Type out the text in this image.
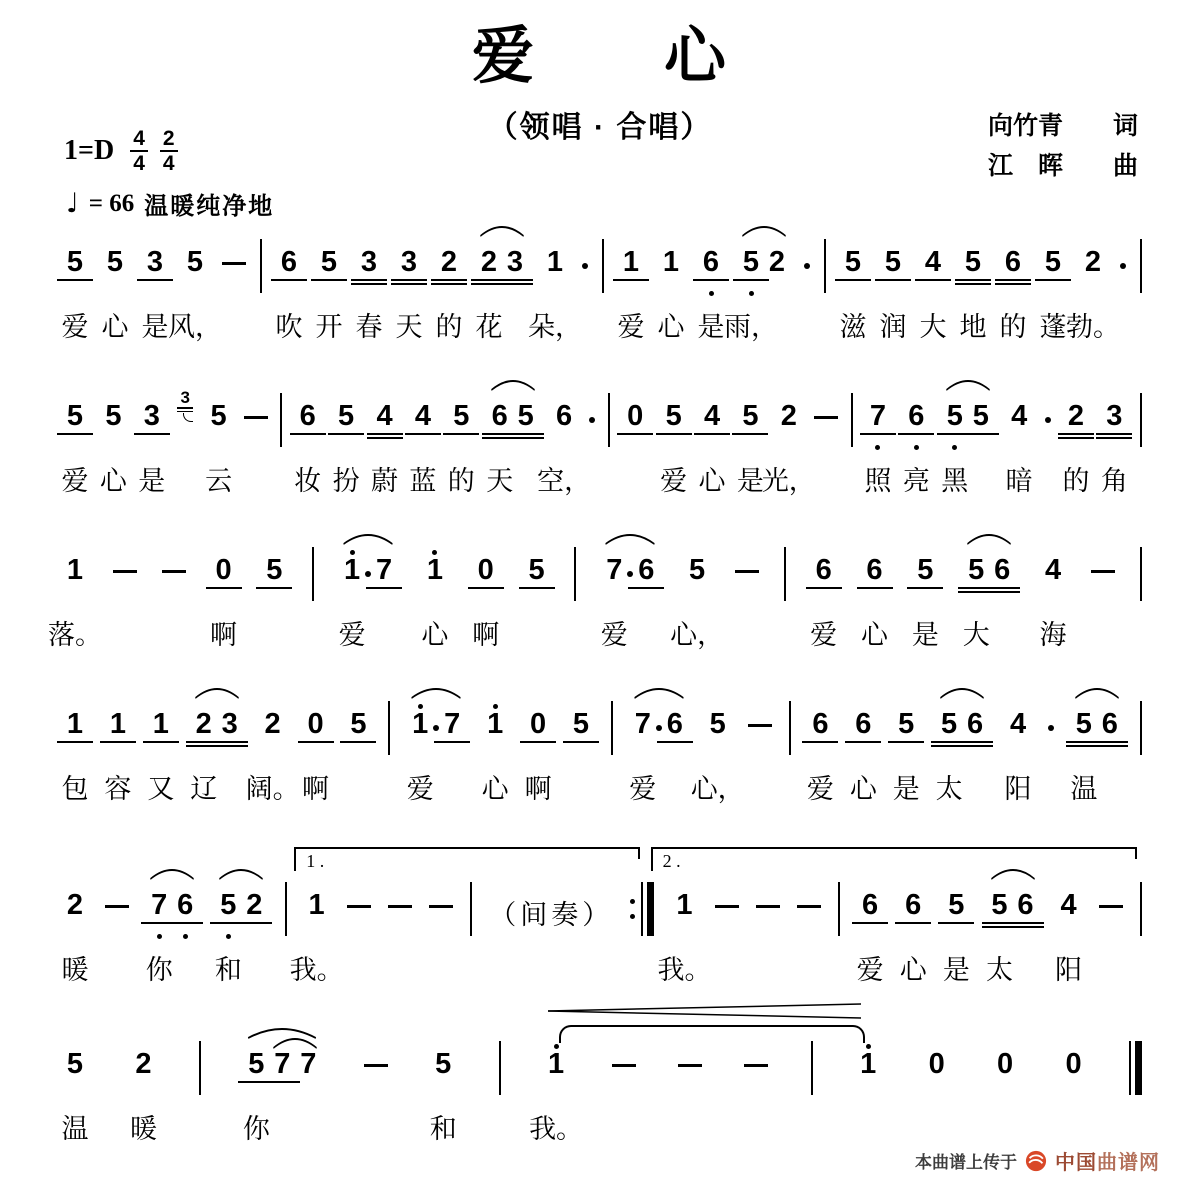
爱　　心
（领唱 · 合唱）	向竹青 词
江　晖 曲
$1=D \frac{4}{4} \frac{2}{4}$
♩ = 66 温暖纯净地
5
爱
5
心
3
是
5
风，
6
吹
5
开
3
春
3
天
2
的
2
花
3 1
朵，
1
爱
1
心
6
是
5
雨，
2 5
滋
5
润
4
大
5
地
6
的
5
蓬
2
勃。
5
爱
5
心
3
是
3
5
云
6
妆
5
扮
4
蔚
4
蓝
5
的
6
天
5 6
空，
0 5
爱
4
心
5
是
2
光，
7
照
6
亮
5
黑
5 4
暗
2
的
3
角
1
落。
0
啊
5 1
爱
7 1
心
0
啊
5 7
爱
6 5
心，
6
爱
6
心
5
是
5
大
6 4
海
1
包
1
容
1
又
2
辽
3 2
阔。
0
啊
5 1
爱
7 1
心
0
啊
5 7
爱
6 5
心，
6
爱
6
心
5
是
5
太
6 4
阳
5
温
6
1 .	2 .
2
暖
7
你
6 5
和
2 1
我。
（间奏） 1
我。
6
爱
6
心
5
是
5
太
6 4
阳
5
温
2
暖
5
你
7 7	5
和
1
我。
1 0 0 0
本曲谱上传于 中国曲谱网
